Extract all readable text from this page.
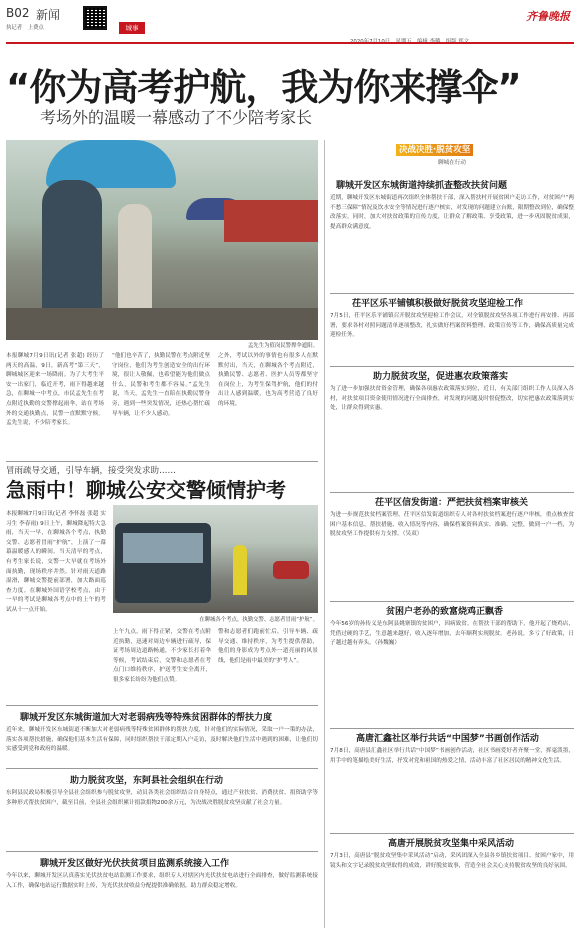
B02 新闻
执记者　上费点	城事
齐鲁晚报
“你为高考护航，我为你来撑伞”
考场外的温暖一幕感动了不少陪考家长
孟先生为值岗民警撑伞遮阳。
本报聊城7月9日讯(记者 张超) 经历了两天的高温，9日，新高考“第三天”，聊城城区迎来一场降雨。为了大考生平安一出家门，临近开考，雨下得越来越急，在聊城一中考点，市民孟先生在考点附近执勤的交警撑起雨伞，站在考场外的交通执勤点，民警一直默默守候。孟先生说，不少陪考家长。
“他们也辛苦了，执勤民警在考点附近坚守岗位，他们为考生创造安全的出行环境，很让人敬佩，也希望能为他们做点什么，民警和考生都不容易。”孟先生说，当天，孟先生一直陪在执勤民警身旁，遇到一些突发情况，还热心帮忙疏导车辆，让不少人感动。
之外，考试以外的事情也有很多人在默默付出，当天，在聊城各个考点附近，执勤民警、志愿者、医护人员等都坚守在岗位上，为考生保驾护航，他们的付出让人感到温暖，也为高考营造了良好的环境。
冒雨疏导交通，引导车辆，接受突发求助……
急雨中！聊城公安交警倾情护考
本报聊城7月9日讯(记者 李怀磊 张超 实习生 李春雨) 9日上午，聊城降起特大急雨，当天一早，在聊城各个考点，执勤交警、志愿者冒雨“护航”，上演了一幕幕温暖感人的瞬间。当天清早的考点，有考生家长说，交警一大早就在考场外面执勤，现场秩序井然。针对雨天道路湿滑，聊城交警提前部署，加大路面巡查力度。在聊城外国语学校考点，由于一早的考试是聊城各考点中的上午的考试从十一点开始。
在聊城各个考点，执勤交警、志愿者冒雨“护航”。
上午九点，雨下得正紧，交警在考点附近执勤，迅速对周边车辆进行疏导，保证考场周边道路畅通，不少家长打着伞等候，考试结束后，交警和志愿者在考点门口维持秩序，护送考生安全离开，很多家长纷纷为他们点赞。
警和志愿者们跑前忙后，引导车辆、疏导交通、维持秩序，为考生提供帮助，他们的身影成为考点外一道亮丽的风景线，他们是雨中最美的“护考人”。
聊城开发区东城街道加大对老弱病残等特殊贫困群体的帮扶力度
近年来，聊城开发区东城街道不断加大对老弱病残等特殊贫困群体的帮扶力度，针对他们的实际情况，采取一户一策的办法，落实各项帮扶措施，确保他们基本生活有保障，同时组织帮扶干部定期入户走访，及时解决他们生活中遇到的困难，让他们切实感受到党和政府的温暖。
助力脱贫攻坚，东阿县社会组织在行动
东阿县民政局积极引导全县社会组织参与脱贫攻坚，动员各类社会组织结合自身特点，通过产业扶贫、消费扶贫、捐资助学等多种形式帮扶贫困户，截至目前，全县社会组织累计捐款捐物200余万元，为决战决胜脱贫攻坚贡献了社会力量。
聊城开发区做好光伏扶贫项目监测系统接入工作
今年以来，聊城开发区认真落实光伏扶贫电站监测工作要求，组织专人对辖区内光伏扶贫电站进行全面排查，做好监测系统接入工作，确保电站运行数据实时上传，为光伏扶贫收益分配提供准确依据，助力群众稳定增收。
决战决胜·脱贫攻坚
聊城在行动
聊城开发区东城街道持续抓查整改扶贫问题
近期，聊城开发区东城街道再次组织全体帮扶干部，深入帮扶村开展贫困户走访工作，对贫困户“两不愁三保障”情况及饮水安全等情况进行逐户核实，对发现的问题建立台账，限期整改到位，确保整改落实。同时，加大对扶贫政策的宣传力度，让群众了解政策、享受政策，进一步巩固脱贫成果，提高群众满意度。
茌平区乐平铺镇积极做好脱贫攻坚迎检工作
7月5日，茌平区乐平铺镇召开脱贫攻坚迎检工作会议，对全镇脱贫攻坚各项工作进行再安排、再部署，要求各村对照问题清单逐项整改，扎实做好档案资料整理、政策宣传等工作，确保高质量完成迎检任务。
助力脱贫攻坚，促进惠农政策落实
为了进一步加强扶贫资金管理，确保各项惠农政策落实到位，近日，有关部门组织工作人员深入各村，对扶贫项目资金使用情况进行全面排查，对发现的问题及时督促整改，切实把惠农政策落到实处，让群众得到实惠。
茌平区信发街道：严把扶贫档案审核关
为进一步规范扶贫档案管理，茌平区信发街道组织专人对各村扶贫档案进行逐户审核，重点核查贫困户基本信息、帮扶措施、收入情况等内容，确保档案资料真实、准确、完整，做到一户一档，为脱贫攻坚工作提供有力支撑。（吴双）
贫困户老孙的致富烧鸡正飘香
今年56岁的孙传义是东阿县姚寨镇的贫困户，因病致贫。在帮扶干部的帮助下，他开起了烧鸡店，凭借过硬的手艺，生意越来越好，收入逐年增加，去年顺利实现脱贫。老孙说，多亏了好政策，日子越过越有奔头。（孙魏巍）
高唐汇鑫社区举行共话“中国梦”书画创作活动
7月8日，高唐县汇鑫社区举行共话“中国梦”书画创作活动，社区书画爱好者齐聚一堂，挥毫泼墨，用手中的笔描绘美好生活，抒发对党和祖国的热爱之情，活动丰富了社区居民的精神文化生活。
高唐开展脱贫攻坚集中采风活动
7月3日，高唐县“脱贫攻坚集中采风活动”启动，采风团深入全县各乡镇扶贫项目、贫困户家中，用镜头和文字记录脱贫攻坚取得的成效，讲好脱贫故事，营造全社会关心支持脱贫攻坚的良好氛围。
